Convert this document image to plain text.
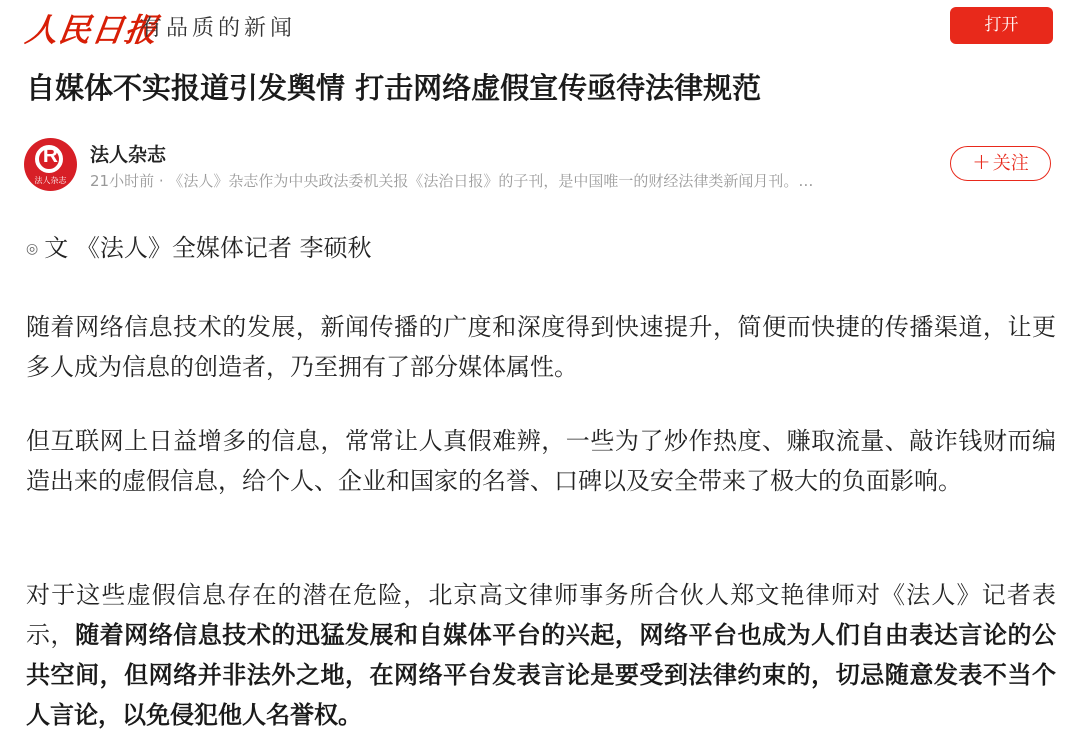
人民日报
有品质的新闻	打开
自媒体不实报道引发舆情 打击网络虚假宣传亟待法律规范
R
法人杂志
法人杂志
21小时前 · 《法人》杂志作为中央政法委机关报《法治日报》的子刊，是中国唯一的财经法律类新闻月刊。…
+ 关注
◎ 文 《法人》全媒体记者 李硕秋

随着网络信息技术的发展，新闻传播的广度和深度得到快速提升，简便而快捷的传播渠道，让更多人成为信息的创造者，乃至拥有了部分媒体属性。

但互联网上日益增多的信息，常常让人真假难辨，一些为了炒作热度、赚取流量、敲诈钱财而编造出来的虚假信息，给个人、企业和国家的名誉、口碑以及安全带来了极大的负面影响。

对于这些虚假信息存在的潜在危险，北京高文律师事务所合伙人郑文艳律师对《法人》记者表示，随着网络信息技术的迅猛发展和自媒体平台的兴起，网络平台也成为人们自由表达言论的公共空间，但网络并非法外之地，在网络平台发表言论是要受到法律约束的，切忌随意发表不当个人言论，以免侵犯他人名誉权。
